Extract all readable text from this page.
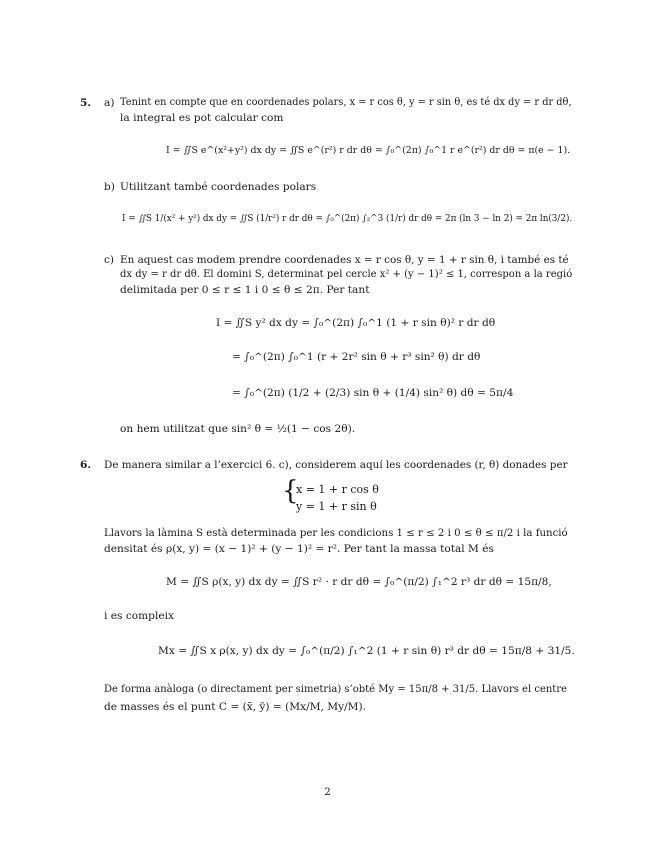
5. a) Tenint en compte que en coordenades polars, x = r cos θ, y = r sin θ, es té dx dy = r dr dθ,
la integral es pot calcular com
I = ∬S e^(x²+y²) dx dy = ∬S e^(r²) r dr dθ = ∫₀^(2π) ∫₀^1 r e^(r²) dr dθ = π(e − 1).
b) Utilitzant també coordenades polars
I = ∬S 1/(x² + y²) dx dy = ∬S (1/r²) r dr dθ = ∫₀^(2π) ∫₂^3 (1/r) dr dθ = 2π (ln 3 − ln 2) = 2π ln(3/2).
c) En aquest cas modem prendre coordenades x = r cos θ, y = 1 + r sin θ, i també es té
dx dy = r dr dθ. El domini S, determinat pel cercle x² + (y − 1)² ≤ 1, correspon a la regió
delimitada per 0 ≤ r ≤ 1 i 0 ≤ θ ≤ 2π. Per tant
I = ∬S y² dx dy = ∫₀^(2π) ∫₀^1 (1 + r sin θ)² r dr dθ
= ∫₀^(2π) ∫₀^1 (r + 2r² sin θ + r³ sin² θ) dr dθ
= ∫₀^(2π) (1/2 + (2/3) sin θ + (1/4) sin² θ) dθ = 5π/4
on hem utilitzat que sin² θ = ½(1 − cos 2θ).
6. De manera similar a l’exercici 6. c), considerem aquí les coordenades (r, θ) donades per
{
x = 1 + r cos θ
y = 1 + r sin θ
Llavors la làmina S està determinada per les condicions 1 ≤ r ≤ 2 i 0 ≤ θ ≤ π/2 i la funció
densitat és ρ(x, y) = (x − 1)² + (y − 1)² = r². Per tant la massa total M és
M = ∬S ρ(x, y) dx dy = ∬S r² · r dr dθ = ∫₀^(π/2) ∫₁^2 r³ dr dθ = 15π/8,
i es compleix
Mx = ∬S x ρ(x, y) dx dy = ∫₀^(π/2) ∫₁^2 (1 + r sin θ) r³ dr dθ = 15π/8 + 31/5.
De forma anàloga (o directament per simetria) s’obté My = 15π/8 + 31/5. Llavors el centre
de masses és el punt C = (x̄, ȳ) = (Mx/M, My/M).
2
